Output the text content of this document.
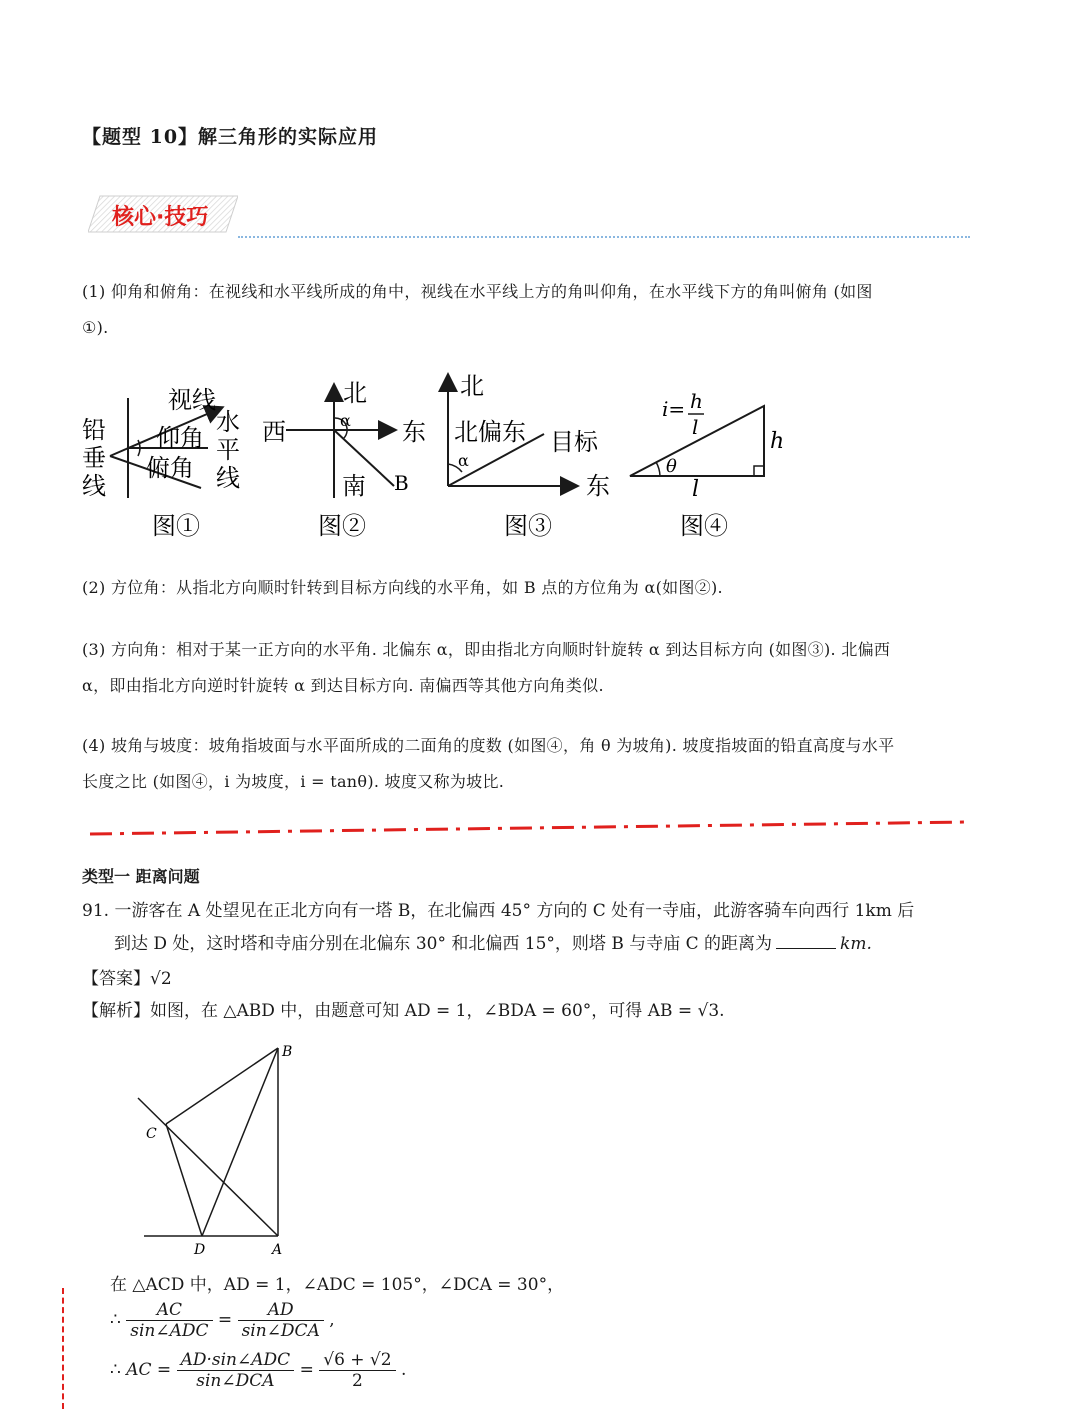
【题型 10】解三角形的实际应用
核心·技巧
(1) 仰角和俯角：在视线和水平线所成的角中，视线在水平线上方的角叫仰角，在水平线下方的角叫俯角 (如图
①).
铅
垂
线
视线
仰角
俯角
水
平
线
图①
北
西	东
南 B
α
图②
北
北偏东 目标
东
α
图③
i= h
l
h
l
θ
图④
(2) 方位角：从指北方向顺时针转到目标方向线的水平角，如 B 点的方位角为 α(如图②).
(3) 方向角：相对于某一正方向的水平角. 北偏东 α，即由指北方向顺时针旋转 α 到达目标方向 (如图③). 北偏西
α，即由指北方向逆时针旋转 α 到达目标方向. 南偏西等其他方向角类似.
(4) 坡角与坡度：坡角指坡面与水平面所成的二面角的度数 (如图④，角 θ 为坡角). 坡度指坡面的铅直高度与水平
长度之比 (如图④，i 为坡度，i = tanθ). 坡度又称为坡比.
类型一 距离问题
91. 一游客在 A 处望见在正北方向有一塔 B，在北偏西 45° 方向的 C 处有一寺庙，此游客骑车向西行 1km 后
到达 D 处，这时塔和寺庙分别在北偏东 30° 和北偏西 15°，则塔 B 与寺庙 C 的距离为	km.
【答案】√2
【解析】如图，在 △ABD 中，由题意可知 AD = 1，∠BDA = 60°，可得 AB = √3.
B
C
D	A
在 △ACD 中，AD = 1，∠ADC = 105°，∠DCA = 30°，
∴ $\frac{AC}{\text{sin∠ADC}} = \frac{AD}{\text{sin∠DCA}}$ ,
∴ AC = $\frac{\text{AD·sin∠ADC}}{\text{sin∠DCA}} = \frac{√6 + √2}{2}$ .
